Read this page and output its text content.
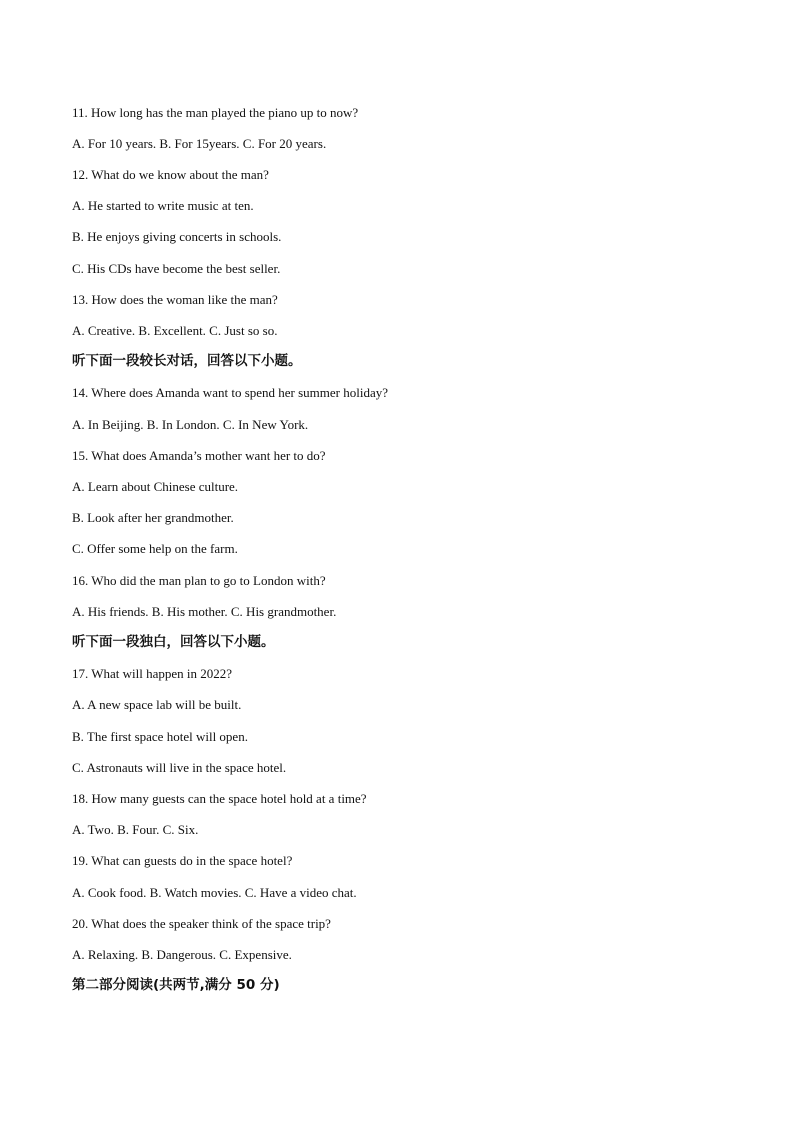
11. How long has the man played the piano up to now?
A. For 10 years. B. For 15years. C. For 20 years.
12. What do we know about the man?
A. He started to write music at ten.
B. He enjoys giving concerts in schools.
C. His CDs have become the best seller.
13. How does the woman like the man?
A. Creative. B. Excellent. C. Just so so.
听下面一段较长对话，回答以下小题。
14. Where does Amanda want to spend her summer holiday?
A. In Beijing. B. In London. C. In New York.
15. What does Amanda’s mother want her to do?
A. Learn about Chinese culture.
B. Look after her grandmother.
C. Offer some help on the farm.
16. Who did the man plan to go to London with?
A. His friends. B. His mother. C. His grandmother.
听下面一段独白，回答以下小题。
17. What will happen in 2022?
A. A new space lab will be built.
B. The first space hotel will open.
C. Astronauts will live in the space hotel.
18. How many guests can the space hotel hold at a time?
A. Two. B. Four. C. Six.
19. What can guests do in the space hotel?
A. Cook food. B. Watch movies. C. Have a video chat.
20. What does the speaker think of the space trip?
A. Relaxing. B. Dangerous. C. Expensive.
第二部分阅读(共两节,满分 50 分)
